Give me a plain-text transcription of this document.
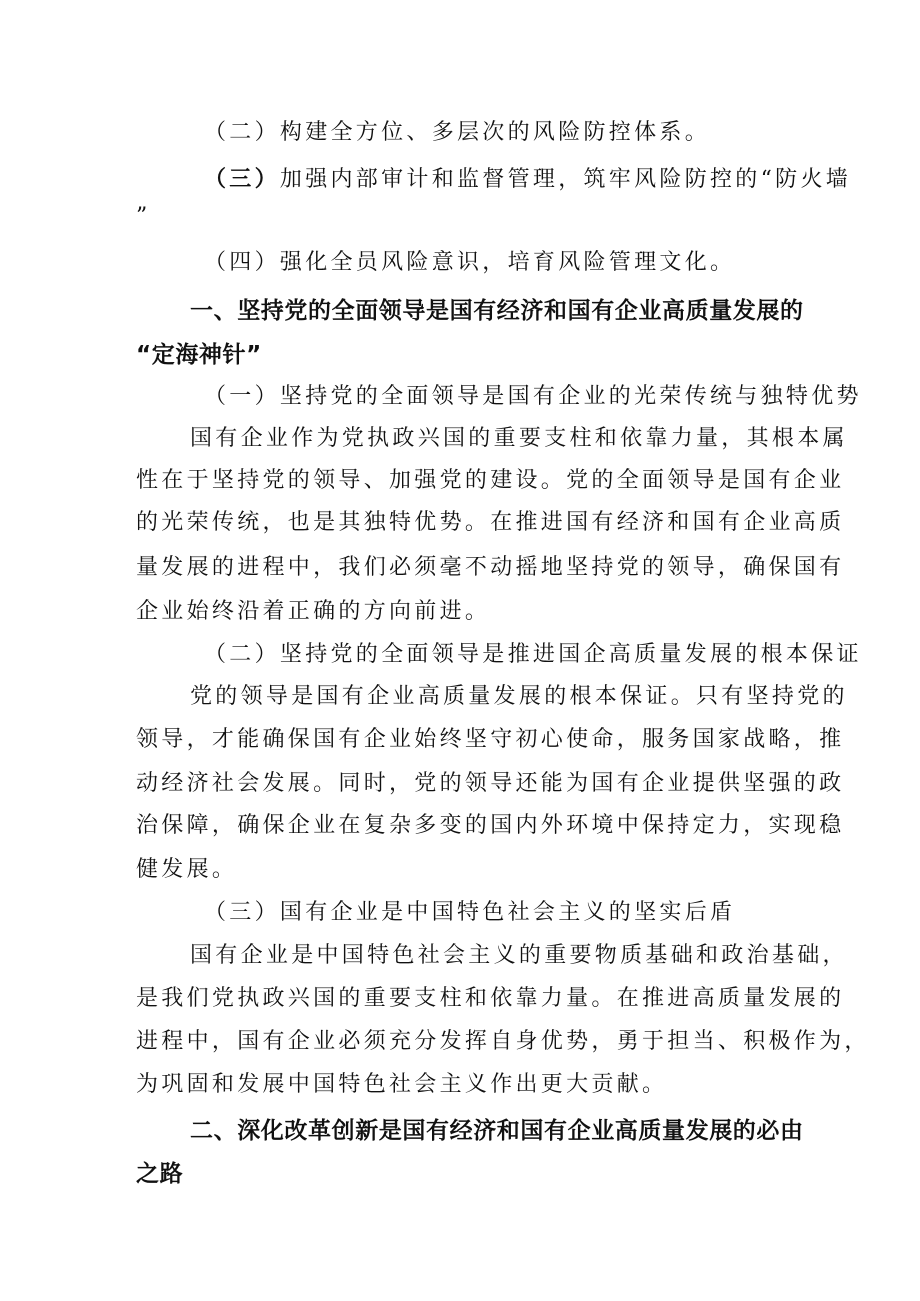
（二）构建全方位、多层次的风险防控体系。
（三）加强内部审计和监督管理，筑牢风险防控的“防火墙
”
（四）强化全员风险意识，培育风险管理文化。
一、坚持党的全面领导是国有经济和国有企业高质量发展的
“定海神针”
（一）坚持党的全面领导是国有企业的光荣传统与独特优势
国有企业作为党执政兴国的重要支柱和依靠力量，其根本属
性在于坚持党的领导、加强党的建设。党的全面领导是国有企业
的光荣传统，也是其独特优势。在推进国有经济和国有企业高质
量发展的进程中，我们必须毫不动摇地坚持党的领导，确保国有
企业始终沿着正确的方向前进。
（二）坚持党的全面领导是推进国企高质量发展的根本保证
党的领导是国有企业高质量发展的根本保证。只有坚持党的
领导，才能确保国有企业始终坚守初心使命，服务国家战略，推
动经济社会发展。同时，党的领导还能为国有企业提供坚强的政
治保障，确保企业在复杂多变的国内外环境中保持定力，实现稳
健发展。
（三）国有企业是中国特色社会主义的坚实后盾
国有企业是中国特色社会主义的重要物质基础和政治基础，
是我们党执政兴国的重要支柱和依靠力量。在推进高质量发展的
进程中，国有企业必须充分发挥自身优势，勇于担当、积极作为，
为巩固和发展中国特色社会主义作出更大贡献。
二、深化改革创新是国有经济和国有企业高质量发展的必由
之路
